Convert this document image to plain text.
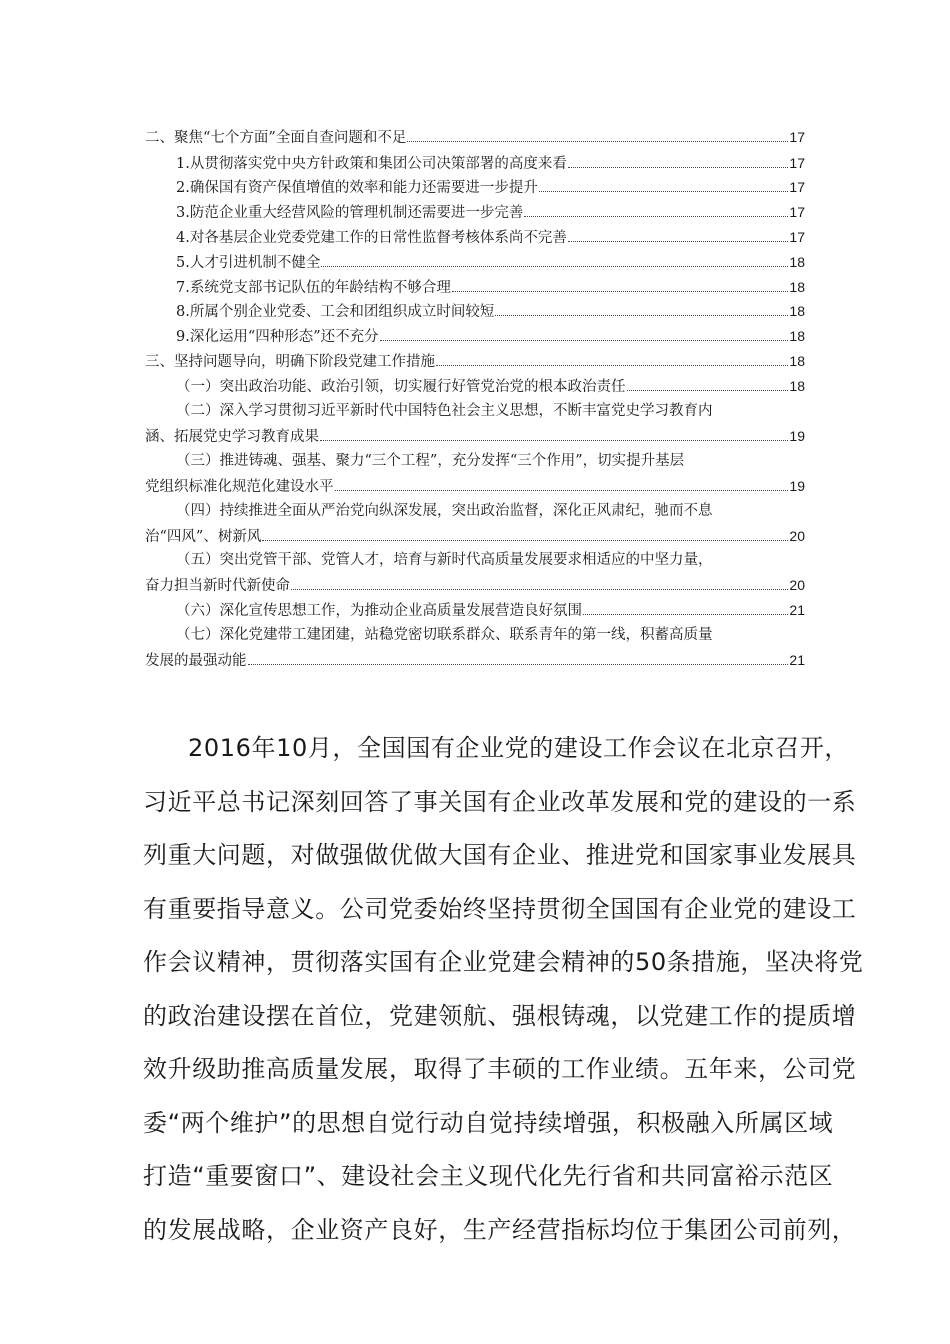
二、聚焦“七个方面”全面自查问题和不足	17
1.从贯彻落实党中央方针政策和集团公司决策部署的高度来看	17
2.确保国有资产保值增值的效率和能力还需要进一步提升	17
3.防范企业重大经营风险的管理机制还需要进一步完善	17
4.对各基层企业党委党建工作的日常性监督考核体系尚不完善	17
5.人才引进机制不健全	18
7.系统党支部书记队伍的年龄结构不够合理	18
8.所属个别企业党委、工会和团组织成立时间较短	18
9.深化运用“四种形态”还不充分	18
三、坚持问题导向，明确下阶段党建工作措施	18
（一）突出政治功能、政治引领，切实履行好管党治党的根本政治责任	18
（二）深入学习贯彻习近平新时代中国特色社会主义思想，不断丰富党史学习教育内
涵、拓展党史学习教育成果	19
（三）推进铸魂、强基、聚力“三个工程”，充分发挥“三个作用”，切实提升基层
党组织标准化规范化建设水平	19
（四）持续推进全面从严治党向纵深发展，突出政治监督，深化正风肃纪，驰而不息
治“四风”、树新风	20
（五）突出党管干部、党管人才，培育与新时代高质量发展要求相适应的中坚力量，
奋力担当新时代新使命	20
（六）深化宣传思想工作，为推动企业高质量发展营造良好氛围	21
（七）深化党建带工建团建，站稳党密切联系群众、联系青年的第一线，积蓄高质量
发展的最强动能	21
2016年10月，全国国有企业党的建设工作会议在北京召开，
习近平总书记深刻回答了事关国有企业改革发展和党的建设的一系
列重大问题，对做强做优做大国有企业、推进党和国家事业发展具
有重要指导意义。公司党委始终坚持贯彻全国国有企业党的建设工
作会议精神，贯彻落实国有企业党建会精神的50条措施，坚决将党
的政治建设摆在首位，党建领航、强根铸魂，以党建工作的提质增
效升级助推高质量发展，取得了丰硕的工作业绩。五年来，公司党
委“两个维护”的思想自觉行动自觉持续增强，积极融入所属区域
打造“重要窗口”、建设社会主义现代化先行省和共同富裕示范区
的发展战略，企业资产良好，生产经营指标均位于集团公司前列，
